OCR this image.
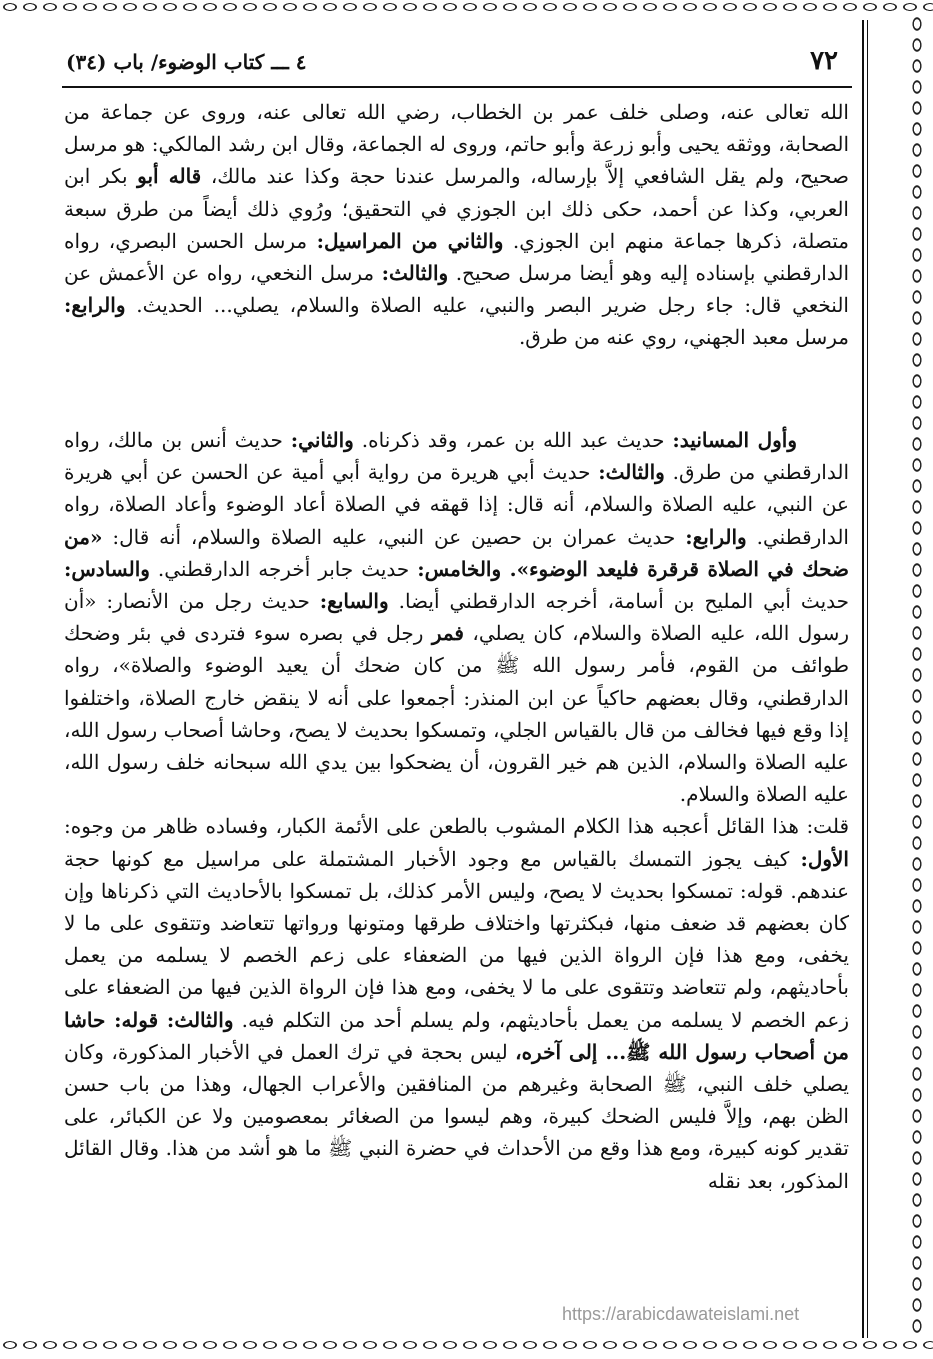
٧٢
٤ ـــ كتاب الوضوء/ باب (٣٤)

الله تعالى عنه، وصلى خلف عمر بن الخطاب، رضي الله تعالى عنه، وروى عن جماعة من الصحابة، ووثقه يحيى وأبو زرعة وأبو حاتم، وروى له الجماعة، وقال ابن رشد المالكي: هو مرسل صحيح، ولم يقل الشافعي إلاَّ بإرساله، والمرسل عندنا حجة وكذا عند مالك، قاله أبو بكر ابن العربي، وكذا عن أحمد، حكى ذلك ابن الجوزي في التحقيق؛ ورُوي ذلك أيضاً من طرق سبعة متصلة، ذكرها جماعة منهم ابن الجوزي. والثاني من المراسيل: مرسل الحسن البصري، رواه الدارقطني بإسناده إليه وهو أيضا مرسل صحيح. والثالث: مرسل النخعي، رواه عن الأعمش عن النخعي قال: جاء رجل ضرير البصر والنبي، عليه الصلاة والسلام، يصلي... الحديث. والرابع: مرسل معبد الجهني، روي عنه من طرق.

وأول المسانيد: حديث عبد الله بن عمر، وقد ذكرناه. والثاني: حديث أنس بن مالك، رواه الدارقطني من طرق. والثالث: حديث أبي هريرة من رواية أبي أمية عن الحسن عن أبي هريرة عن النبي، عليه الصلاة والسلام، أنه قال: إذا قهقه في الصلاة أعاد الوضوء وأعاد الصلاة، رواه الدارقطني. والرابع: حديث عمران بن حصين عن النبي، عليه الصلاة والسلام، أنه قال: «من ضحك في الصلاة قرقرة فليعد الوضوء». والخامس: حديث جابر أخرجه الدارقطني. والسادس: حديث أبي المليح بن أسامة، أخرجه الدارقطني أيضا. والسابع: حديث رجل من الأنصار: «أن رسول الله، عليه الصلاة والسلام، كان يصلي، فمر رجل في بصره سوء فتردى في بئر وضحك طوائف من القوم، فأمر رسول الله ﷺ من كان ضحك أن يعيد الوضوء والصلاة»، رواه الدارقطني، وقال بعضهم حاكياً عن ابن المنذر: أجمعوا على أنه لا ينقض خارج الصلاة، واختلفوا إذا وقع فيها فخالف من قال بالقياس الجلي، وتمسكوا بحديث لا يصح، وحاشا أصحاب رسول الله، عليه الصلاة والسلام، الذين هم خير القرون، أن يضحكوا بين يدي الله سبحانه خلف رسول الله، عليه الصلاة والسلام.

قلت: هذا القائل أعجبه هذا الكلام المشوب بالطعن على الأئمة الكبار، وفساده ظاهر من وجوه: الأول: كيف يجوز التمسك بالقياس مع وجود الأخبار المشتملة على مراسيل مع كونها حجة عندهم. قوله: تمسكوا بحديث لا يصح، وليس الأمر كذلك، بل تمسكوا بالأحاديث التي ذكرناها وإن كان بعضهم قد ضعف منها، فبكثرتها واختلاف طرقها ومتونها ورواتها تتعاضد وتتقوى على ما لا يخفى، ومع هذا فإن الرواة الذين فيها من الضعفاء على زعم الخصم لا يسلمه من يعمل بأحاديثهم، ولم تتعاضد وتتقوى على ما لا يخفى، ومع هذا فإن الرواة الذين فيها من الضعفاء على زعم الخصم لا يسلمه من يعمل بأحاديثهم، ولم يسلم أحد من التكلم فيه. والثالث: قوله: حاشا من أصحاب رسول الله ﷺ... إلى آخره، ليس بحجة في ترك العمل في الأخبار المذكورة، وكان يصلي خلف النبي، ﷺ الصحابة وغيرهم من المنافقين والأعراب الجهال، وهذا من باب حسن الظن بهم، وإلاَّ فليس الضحك كبيرة، وهم ليسوا من الصغائر بمعصومين ولا عن الكبائر، على تقدير كونه كبيرة، ومع هذا وقع من الأحداث في حضرة النبي ﷺ ما هو أشد من هذا. وقال القائل المذكور، بعد نقله

https://arabicdawateislami.net
